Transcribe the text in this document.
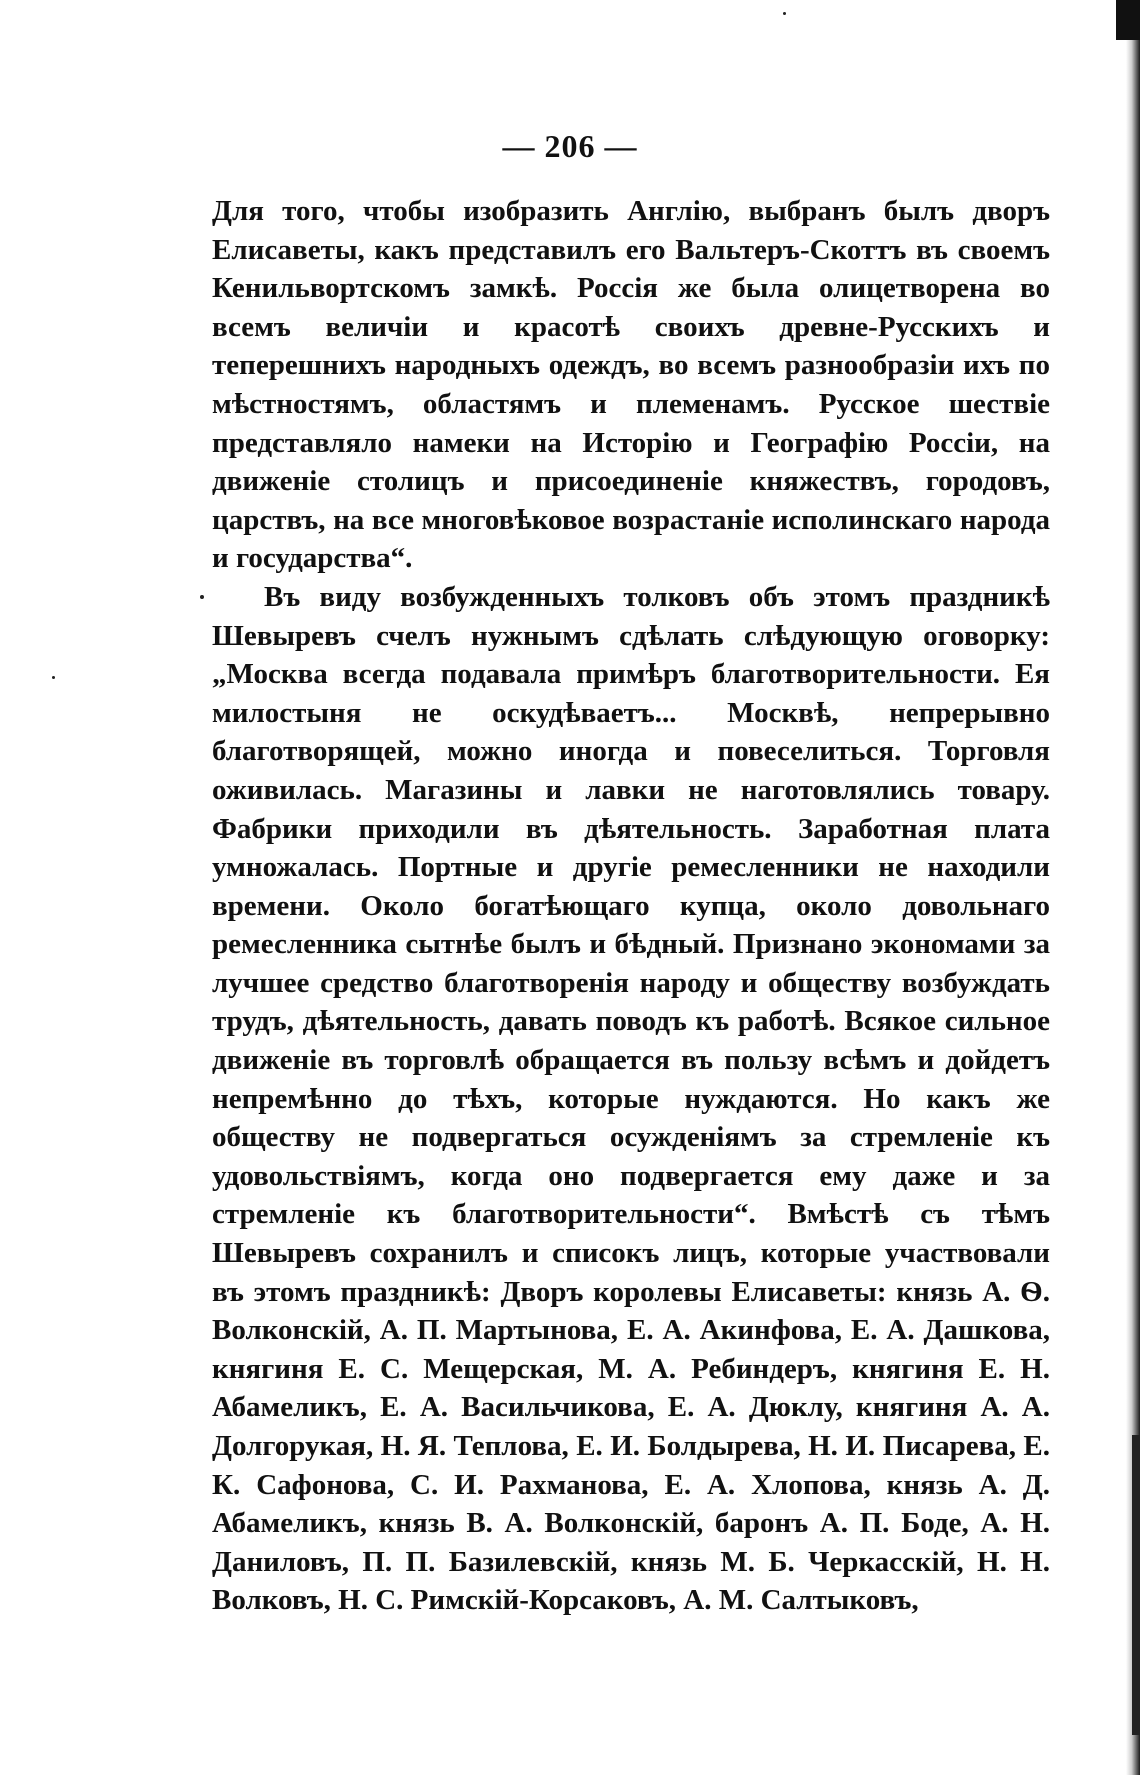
— 206 —

Для того, чтобы изобразить Англію, выбранъ былъ дворъ Елисаветы, какъ представилъ его Вальтеръ-Скоттъ въ своемъ Кенильвортскомъ замкѣ. Россія же была олицетворена во всемъ величіи и красотѣ своихъ древне-Русскихъ и теперешнихъ народныхъ одеждъ, во всемъ разнообразіи ихъ по мѣстностямъ, областямъ и племенамъ. Русское шествіе представляло намеки на Исторію и Географію Россіи, на движеніе столицъ и присоединеніе княжествъ, городовъ, царствъ, на все многовѣковое возрастаніе исполинскаго народа и государства“.

Въ виду возбужденныхъ толковъ объ этомъ праздникѣ Шевыревъ счелъ нужнымъ сдѣлать слѣдующую оговорку: „Москва всегда подавала примѣръ благотворительности. Ея милостыня не оскудѣваетъ... Москвѣ, непрерывно благотворящей, можно иногда и повеселиться. Торговля оживилась. Магазины и лавки не наготовлялись товару. Фабрики приходили въ дѣятельность. Заработная плата умножалась. Портные и другіе ремесленники не находили времени. Около богатѣющаго купца, около довольнаго ремесленника сытнѣе былъ и бѣдный. Признано экономами за лучшее средство благотворенія народу и обществу возбуждать трудъ, дѣятельность, давать поводъ къ работѣ. Всякое сильное движеніе въ торговлѣ обращается въ пользу всѣмъ и дойдетъ непремѣнно до тѣхъ, которые нуждаются. Но какъ же обществу не подвергаться осужденіямъ за стремленіе къ удовольствіямъ, когда оно подвергается ему даже и за стремленіе къ благотворительности“. Вмѣстѣ съ тѣмъ Шевыревъ сохранилъ и списокъ лицъ, которые участвовали въ этомъ праздникѣ: Дворъ королевы Елисаветы: князь А. Ѳ. Волконскій, А. П. Мартынова, Е. А. Акинфова, Е. А. Дашкова, княгиня Е. С. Мещерская, М. А. Ребиндеръ, княгиня Е. Н. Абамеликъ, Е. А. Васильчикова, Е. А. Дюклу, княгиня А. А. Долгорукая, Н. Я. Теплова, Е. И. Болдырева, Н. И. Писарева, Е. К. Сафонова, С. И. Рахманова, Е. А. Хлопова, князь А. Д. Абамеликъ, князь В. А. Волконскій, баронъ А. П. Боде, А. Н. Даниловъ, П. П. Базилевскій, князь М. Б. Черкасскій, Н. Н. Волковъ, Н. С. Римскій-Корсаковъ, А. М. Салтыковъ,
